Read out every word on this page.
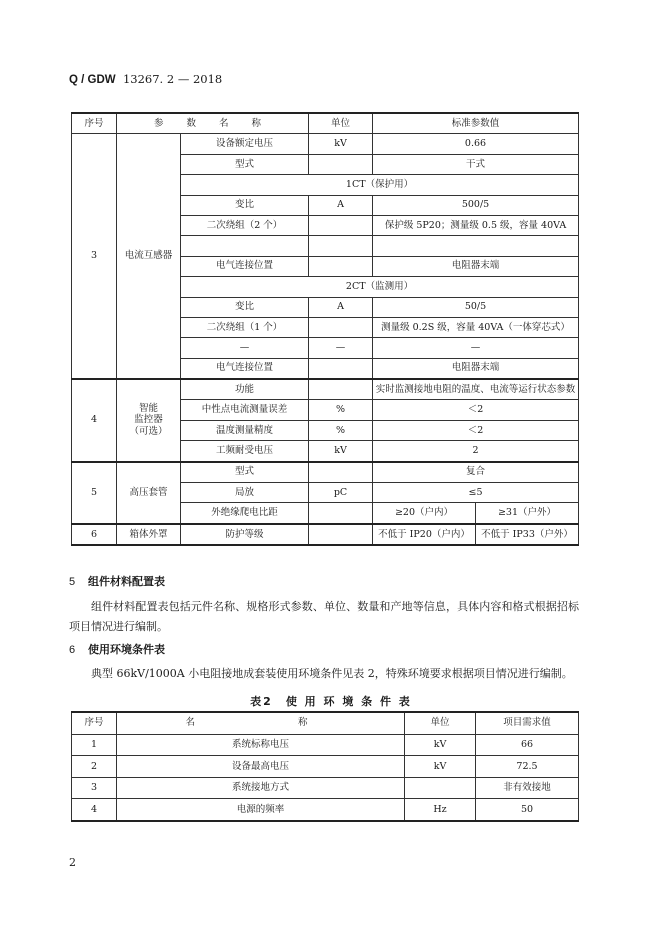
Q / GDW 13267. 2 — 2018
序号	参 数 名 称		单位	标准参数值	
3	电流互感器	设备额定电压	kV	0.66	
		型式		干式	
		1CT（保护用）			
		变比	A	500/5	
		二次绕组（2 个）		保护级 5P20；测量级 0.5 级，容量 40VA	

		电气连接位置		电阻器末端	
		2CT（监测用）			
		变比	A	50/5	
		二次绕组（1 个）		测量级 0.2S 级，容量 40VA（一体穿芯式）	
		—	—	—	
		电气连接位置		电阻器末端	
4	智能
监控器
（可选）	功能		实时监测接地电阻的温度、电流等运行状态参数	
		中性点电流测量误差	%	＜2	
		温度测量精度	%	＜2	
		工频耐受电压	kV	2	
5	高压套管	型式		复合	
		局放	pC	≤5	
		外绝缘爬电比距		≥20（户内）	≥31（户外）
6	箱体外罩	防护等级		不低于 IP20（户内）	不低于 IP33（户外）
5 组件材料配置表
组件材料配置表包括元件名称、规格形式参数、单位、数量和产地等信息，具体内容和格式根据招标项目情况进行编制。
6 使用环境条件表
典型 66kV/1000A 小电阻接地成套装使用环境条件见表 2，特殊环境要求根据项目情况进行编制。
表2　使 用 环 境 条 件 表
序号	名　　称	单位	项目需求值
1	系统标称电压	kV	66
2	设备最高电压	kV	72.5
3	系统接地方式		非有效接地
4	电源的频率	Hz	50
2
